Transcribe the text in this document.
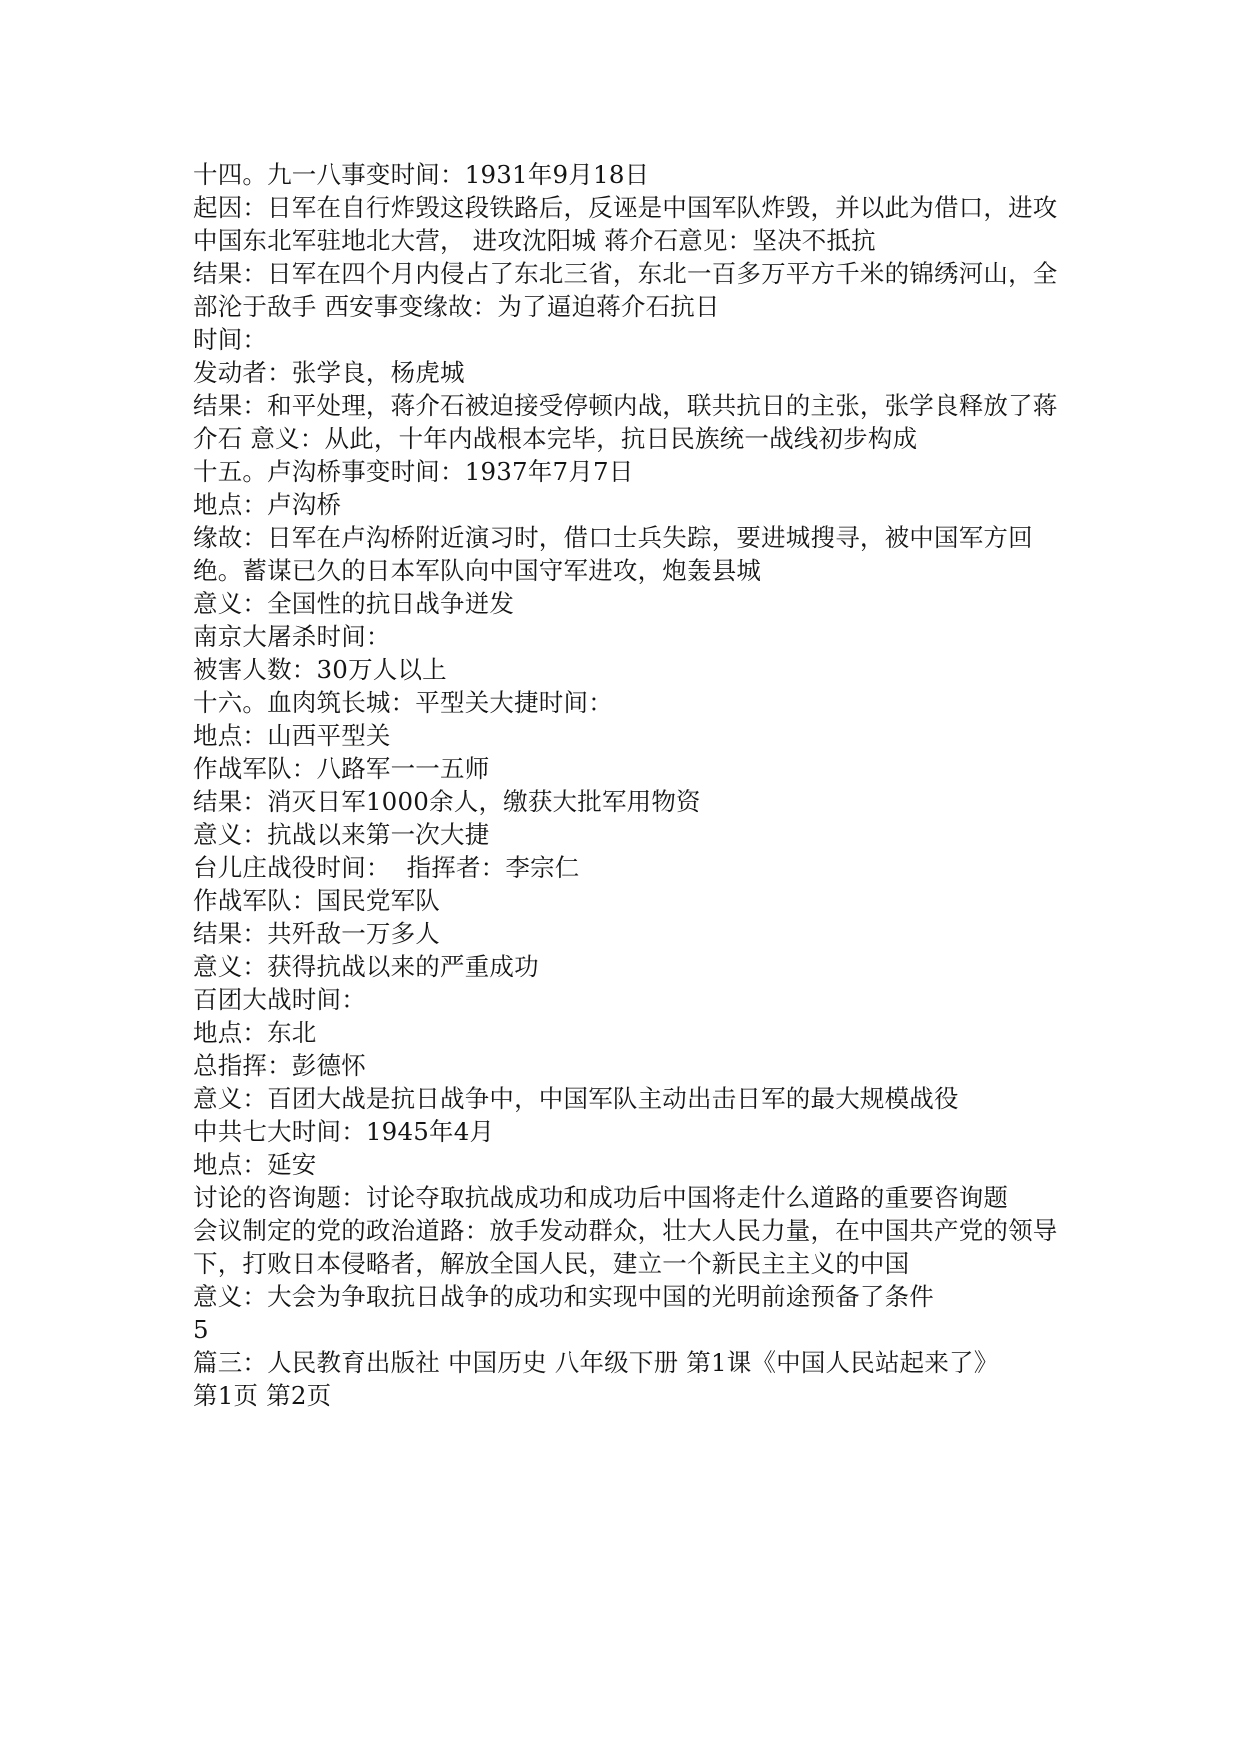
十四。九一八事变时间：1931年9月18日

起因：日军在自行炸毁这段铁路后，反诬是中国军队炸毁，并以此为借口，进攻中国东北军驻地北大营， 进攻沈阳城 蒋介石意见：坚决不抵抗

结果：日军在四个月内侵占了东北三省，东北一百多万平方千米的锦绣河山，全部沦于敌手 西安事变缘故：为了逼迫蒋介石抗日

时间：

发动者：张学良，杨虎城

结果：和平处理，蒋介石被迫接受停顿内战，联共抗日的主张，张学良释放了蒋介石 意义：从此，十年内战根本完毕，抗日民族统一战线初步构成

十五。卢沟桥事变时间：1937年7月7日

地点：卢沟桥

缘故：日军在卢沟桥附近演习时，借口士兵失踪，要进城搜寻，被中国军方回绝。蓄谋已久的日本军队向中国守军进攻，炮轰县城

意义：全国性的抗日战争迸发

南京大屠杀时间：

被害人数：30万人以上

十六。血肉筑长城：平型关大捷时间：

地点：山西平型关

作战军队：八路军一一五师

结果：消灭日军1000余人，缴获大批军用物资

意义：抗战以来第一次大捷

台儿庄战役时间：  指挥者：李宗仁

作战军队：国民党军队

结果：共歼敌一万多人

意义：获得抗战以来的严重成功

百团大战时间：

地点：东北

总指挥：彭德怀

意义：百团大战是抗日战争中，中国军队主动出击日军的最大规模战役

中共七大时间：1945年4月

地点：延安

讨论的咨询题：讨论夺取抗战成功和成功后中国将走什么道路的重要咨询题

会议制定的党的政治道路：放手发动群众，壮大人民力量，在中国共产党的领导下，打败日本侵略者，解放全国人民，建立一个新民主主义的中国

意义：大会为争取抗日战争的成功和实现中国的光明前途预备了条件

5

篇三：人民教育出版社 中国历史 八年级下册 第1课《中国人民站起来了》

第1页 第2页
